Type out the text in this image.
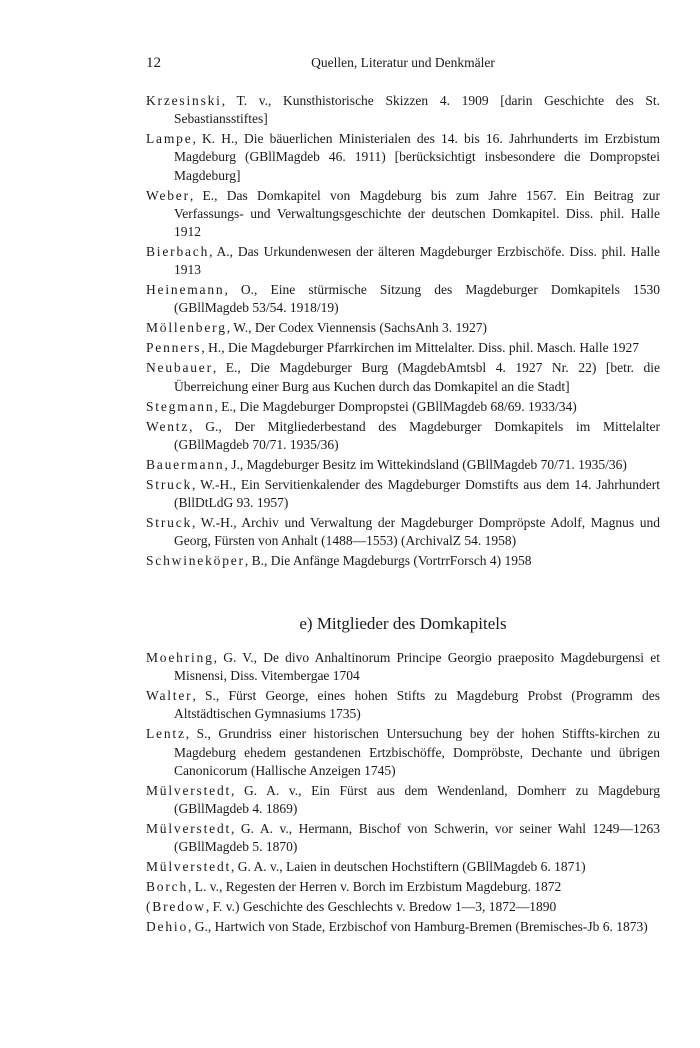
12	Quellen, Literatur und Denkmäler
Krzesinski, T. v., Kunsthistorische Skizzen 4. 1909 [darin Geschichte des St. Sebastiansstiftes]
Lampe, K. H., Die bäuerlichen Ministerialen des 14. bis 16. Jahrhunderts im Erzbistum Magdeburg (GBllMagdeb 46. 1911) [berücksichtigt insbesondere die Dompropstei Magdeburg]
Weber, E., Das Domkapitel von Magdeburg bis zum Jahre 1567. Ein Beitrag zur Verfassungs- und Verwaltungsgeschichte der deutschen Domkapitel. Diss. phil. Halle 1912
Bierbach, A., Das Urkundenwesen der älteren Magdeburger Erzbischöfe. Diss. phil. Halle 1913
Heinemann, O., Eine stürmische Sitzung des Magdeburger Domkapitels 1530 (GBllMagdeb 53/54. 1918/19)
Möllenberg, W., Der Codex Viennensis (SachsAnh 3. 1927)
Penners, H., Die Magdeburger Pfarrkirchen im Mittelalter. Diss. phil. Masch. Halle 1927
Neubauer, E., Die Magdeburger Burg (MagdebAmtsbl 4. 1927 Nr. 22) [betr. die Überreichung einer Burg aus Kuchen durch das Domkapitel an die Stadt]
Stegmann, E., Die Magdeburger Dompropstei (GBllMagdeb 68/69. 1933/34)
Wentz, G., Der Mitgliederbestand des Magdeburger Domkapitels im Mittelalter (GBllMagdeb 70/71. 1935/36)
Bauermann, J., Magdeburger Besitz im Wittekindsland (GBllMagdeb 70/71. 1935/36)
Struck, W.-H., Ein Servitienkalender des Magdeburger Domstifts aus dem 14. Jahrhundert (BllDtLdG 93. 1957)
Struck, W.-H., Archiv und Verwaltung der Magdeburger Dompröpste Adolf, Magnus und Georg, Fürsten von Anhalt (1488—1553) (ArchivalZ 54. 1958)
Schwineköper, B., Die Anfänge Magdeburgs (VortrrForsch 4) 1958
e) Mitglieder des Domkapitels
Moehring, G. V., De divo Anhaltinorum Principe Georgio praeposito Magdeburgensi et Misnensi, Diss. Vitembergae 1704
Walter, S., Fürst George, eines hohen Stifts zu Magdeburg Probst (Programm des Altstädtischen Gymnasiums 1735)
Lentz, S., Grundriss einer historischen Untersuchung bey der hohen Stiffts-kirchen zu Magdeburg ehedem gestandenen Ertzbischöffe, Dompröbste, Dechante und übrigen Canonicorum (Hallische Anzeigen 1745)
Mülverstedt, G. A. v., Ein Fürst aus dem Wendenland, Domherr zu Magdeburg (GBllMagdeb 4. 1869)
Mülverstedt, G. A. v., Hermann, Bischof von Schwerin, vor seiner Wahl 1249—1263 (GBllMagdeb 5. 1870)
Mülverstedt, G. A. v., Laien in deutschen Hochstiftern (GBllMagdeb 6. 1871)
Borch, L. v., Regesten der Herren v. Borch im Erzbistum Magdeburg. 1872
(Bredow, F. v.) Geschichte des Geschlechts v. Bredow 1—3, 1872—1890
Dehio, G., Hartwich von Stade, Erzbischof von Hamburg-Bremen (Bremisches-Jb 6. 1873)
